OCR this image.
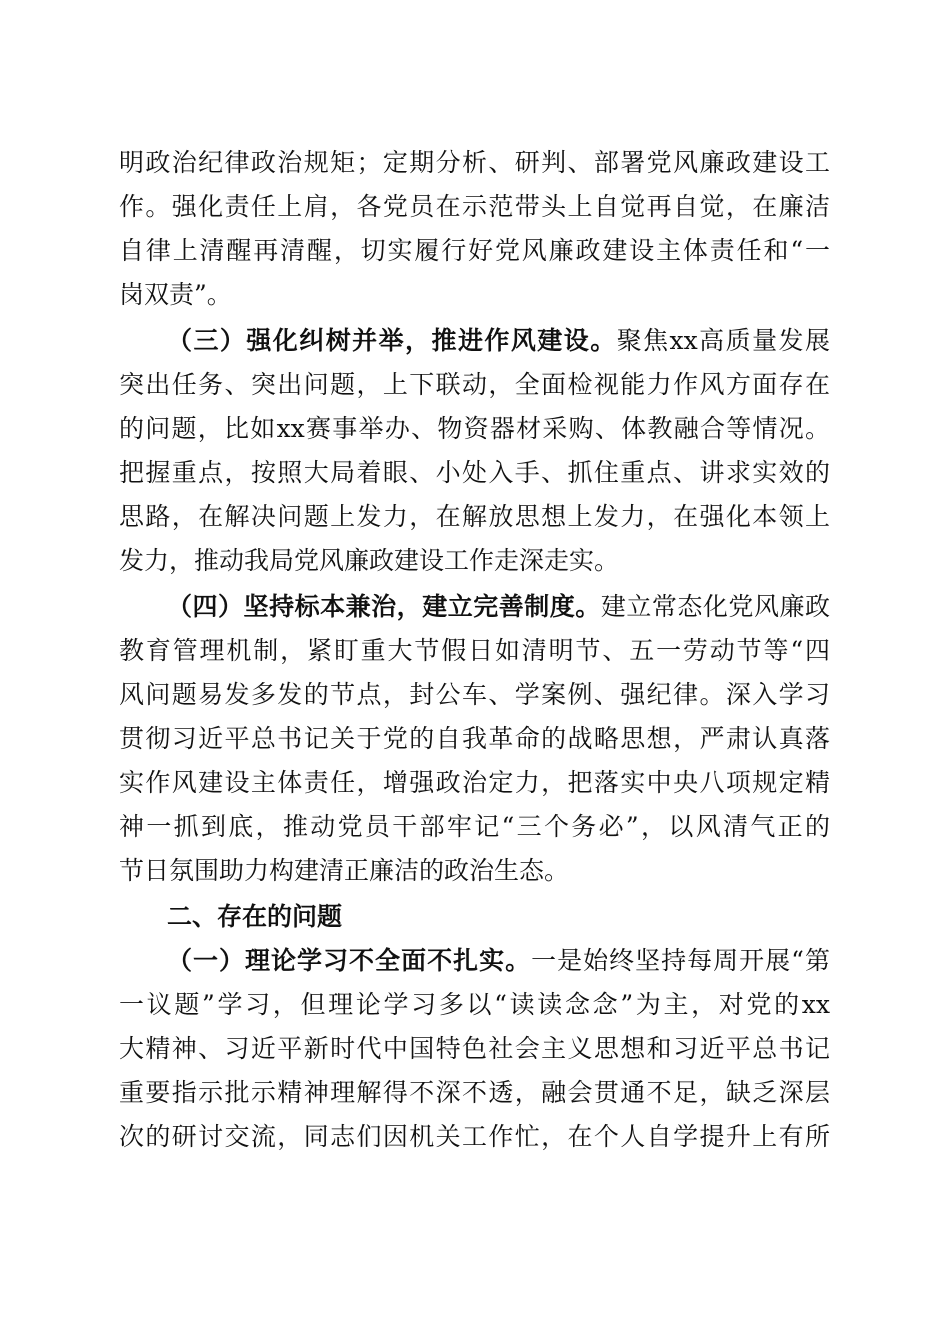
明政治纪律政治规矩；定期分析、研判、部署党风廉政建设工
作。强化责任上肩，各党员在示范带头上自觉再自觉，在廉洁
自律上清醒再清醒，切实履行好党风廉政建设主体责任和“一
岗双责”。
（三）强化纠树并举，推进作风建设。聚焦xx高质量发展
突出任务、突出问题，上下联动，全面检视能力作风方面存在
的问题，比如xx赛事举办、物资器材采购、体教融合等情况。
把握重点，按照大局着眼、小处入手、抓住重点、讲求实效的
思路，在解决问题上发力，在解放思想上发力，在强化本领上
发力，推动我局党风廉政建设工作走深走实。
（四）坚持标本兼治，建立完善制度。建立常态化党风廉政
教育管理机制，紧盯重大节假日如清明节、五一劳动节等“四
风问题易发多发的节点，封公车、学案例、强纪律。深入学习
贯彻习近平总书记关于党的自我革命的战略思想，严肃认真落
实作风建设主体责任，增强政治定力，把落实中央八项规定精
神一抓到底，推动党员干部牢记“三个务必”，以风清气正的
节日氛围助力构建清正廉洁的政治生态。
二、存在的问题
（一）理论学习不全面不扎实。一是始终坚持每周开展“第
一议题”学习，但理论学习多以“读读念念”为主，对党的xx
大精神、习近平新时代中国特色社会主义思想和习近平总书记
重要指示批示精神理解得不深不透，融会贯通不足，缺乏深层
次的研讨交流，同志们因机关工作忙，在个人自学提升上有所
